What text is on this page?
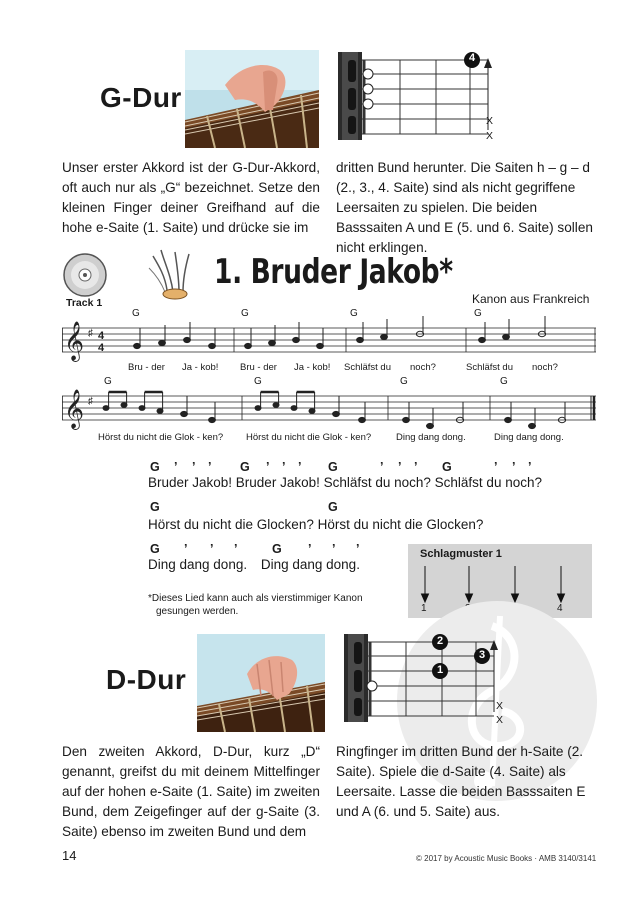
G-Dur
4
X
X
Unser erster Akkord ist der G-Dur-Akkord, oft auch nur als „G“ bezeichnet. Setze den kleinen Finger deiner Greifhand auf die hohe e-Saite (1. Saite) und drücke sie im
dritten Bund herunter. Die Saiten h – g – d (2., 3., 4. Saite) sind als nicht gegriffene Leersaiten zu spielen. Die beiden Basssaiten A und E (5. und 6. Saite) sollen nicht erklingen.
Track 1
1. Bruder Jakob*
Kanon aus Frankreich
𝄞 ♯ 4
4
G	G	G	G
Bru - der Ja - kob! Bru - der Ja - kob! Schläfst du noch?	Schläfst du noch?
𝄞 ♯
G	G	G	G
Hörst du nicht die Glok - ken? Hörst du nicht die Glok - ken?	Ding dang dong.	Ding dang dong.
G ’ ’ ’ G ’ ’ ’ G	’ ’ ’ G	’ ’ ’
Bruder Jakob! Bruder Jakob! Schläfst du noch? Schläfst du noch?
G	G
Hörst du nicht die Glocken? Hörst du nicht die Glocken?
G ’ ’ ’	G ’ ’ ’
Ding dang dong. Ding dang dong.
*Dieses Lied kann auch als vierstimmiger Kanon
gesungen werden.
Schlagmuster 1
1	4
D-Dur
2
3
1
X
X
Den zweiten Akkord, D-Dur, kurz „D“ genannt, greifst du mit deinem Mittelfinger auf der hohen e-Saite (1. Saite) im zweiten Bund, dem Zeigefinger auf der g-Saite (3. Saite) ebenso im zweiten Bund und dem
Ringfinger im dritten Bund der h-Saite (2. Saite). Spiele die d-Saite (4. Saite) als Leersaite. Lasse die beiden Basssaiten E und A (6. und 5. Saite) aus.
14	© 2017 by Acoustic Music Books · AMB 3140/3141
